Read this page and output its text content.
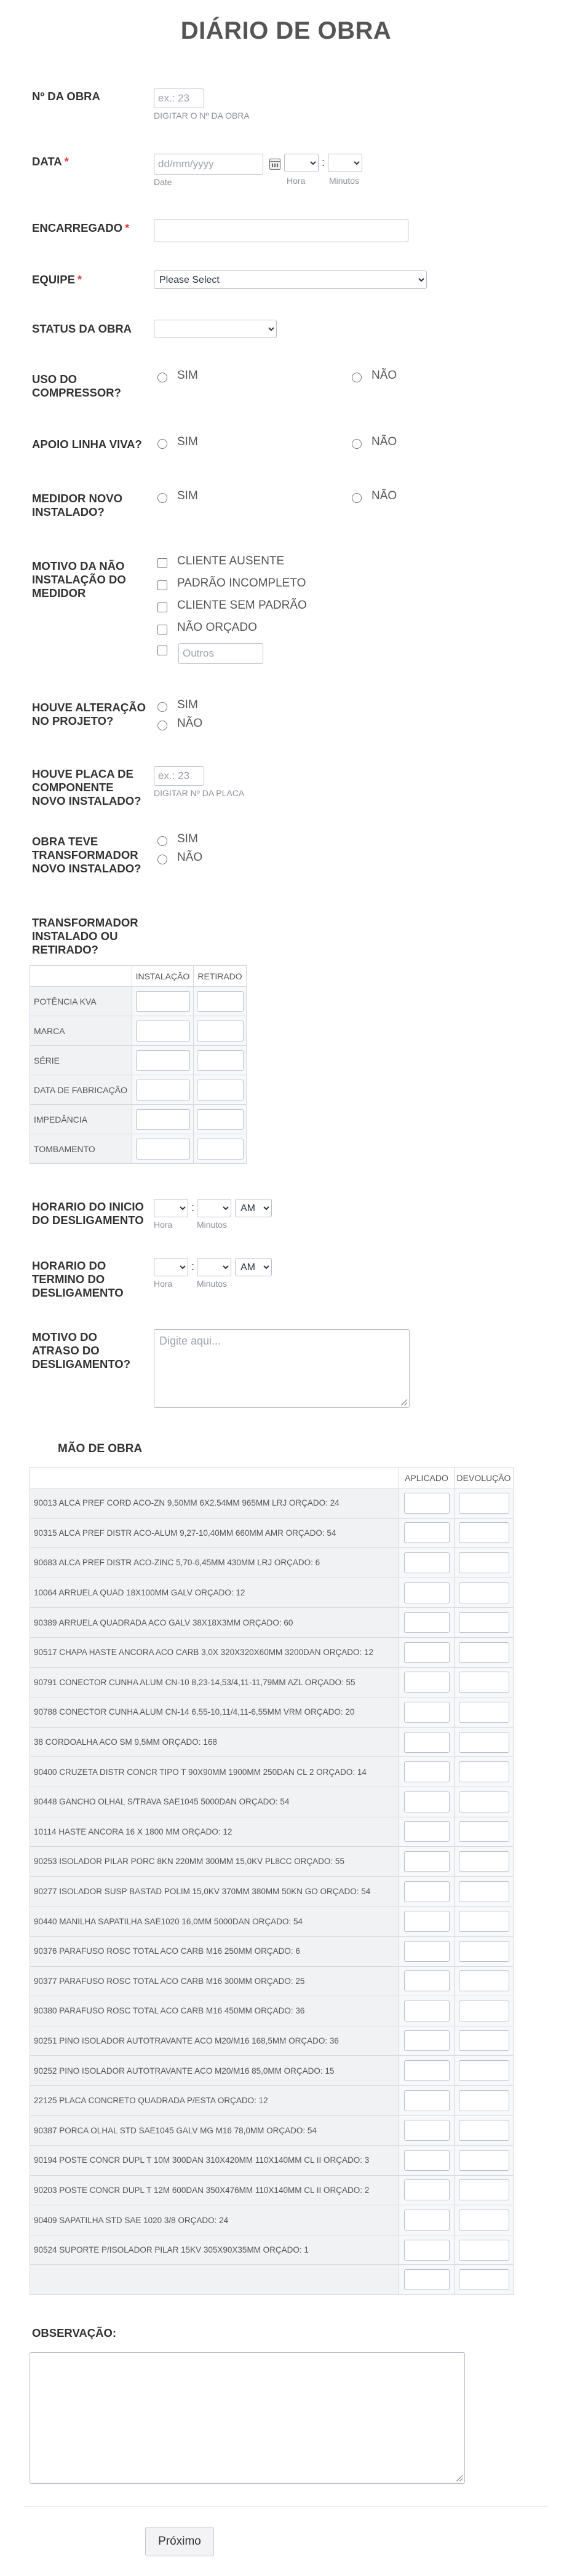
DIÁRIO DE OBRA
Nº DA OBRA
ex.: 23
DIGITAR O Nº DA OBRA
DATA *
dd/mm/yyyy
Date
:
Hora	Minutos
ENCARREGADO *
EQUIPE *
Please Select
STATUS DA OBRA
USO DO COMPRESSOR?
SIM	NÃO
APOIO LINHA VIVA?	SIM	NÃO
MEDIDOR NOVO INSTALADO?
SIM	NÃO
MOTIVO DA NÃO INSTALAÇÃO DO MEDIDOR
CLIENTE AUSENTE
PADRÃO INCOMPLETO
CLIENTE SEM PADRÃO
NÃO ORÇADO
Outros
HOUVE ALTERAÇÃO NO PROJETO?
SIM
NÃO
HOUVE PLACA DE COMPONENTE NOVO INSTALADO?
ex.: 23
DIGITAR Nº DA PLACA
OBRA TEVE TRANSFORMADOR NOVO INSTALADO?
SIM
NÃO
TRANSFORMADOR INSTALADO OU RETIRADO?
	INSTALAÇÃO	RETIRADO
POTÊNCIA KVA		
MARCA		
SÉRIE		
DATA DE FABRICAÇÃO		
IMPEDÂNCIA		
TOMBAMENTO		
HORARIO DO INICIO DO DESLIGAMENTO
:
AM
Hora	Minutos
HORARIO DO TERMINO DO DESLIGAMENTO
:
AM
Hora	Minutos
MOTIVO DO ATRASO DO DESLIGAMENTO?
Digite aqui...
MÃO DE OBRA
	APLICADO	DEVOLUÇÃO
90013 ALCA PREF CORD ACO-ZN 9,50MM 6X2.54MM 965MM LRJ ORÇADO: 24		
90315 ALCA PREF DISTR ACO-ALUM 9,27-10,40MM 660MM AMR ORÇADO: 54		
90683 ALCA PREF DISTR ACO-ZINC 5,70-6,45MM 430MM LRJ ORÇADO: 6		
10064 ARRUELA QUAD 18X100MM GALV ORÇADO: 12		
90389 ARRUELA QUADRADA ACO GALV 38X18X3MM ORÇADO: 60		
90517 CHAPA HASTE ANCORA ACO CARB 3,0X 320X320X60MM 3200DAN ORÇADO: 12		
90791 CONECTOR CUNHA ALUM CN-10 8,23-14,53/4,11-11,79MM AZL ORÇADO: 55		
90788 CONECTOR CUNHA ALUM CN-14 6,55-10,11/4,11-6,55MM VRM ORÇADO: 20		
38 CORDOALHA ACO SM 9,5MM ORÇADO: 168		
90400 CRUZETA DISTR CONCR TIPO T 90X90MM 1900MM 250DAN CL 2 ORÇADO: 14		
90448 GANCHO OLHAL S/TRAVA SAE1045 5000DAN ORÇADO: 54		
10114 HASTE ANCORA 16 X 1800 MM ORÇADO: 12		
90253 ISOLADOR PILAR PORC 8KN 220MM 300MM 15,0KV PL8CC ORÇADO: 55		
90277 ISOLADOR SUSP BASTAD POLIM 15,0KV 370MM 380MM 50KN GO ORÇADO: 54		
90440 MANILHA SAPATILHA SAE1020 16,0MM 5000DAN ORÇADO: 54		
90376 PARAFUSO ROSC TOTAL ACO CARB M16 250MM ORÇADO: 6		
90377 PARAFUSO ROSC TOTAL ACO CARB M16 300MM ORÇADO: 25		
90380 PARAFUSO ROSC TOTAL ACO CARB M16 450MM ORÇADO: 36		
90251 PINO ISOLADOR AUTOTRAVANTE ACO M20/M16 168,5MM ORÇADO: 36		
90252 PINO ISOLADOR AUTOTRAVANTE ACO M20/M16 85,0MM ORÇADO: 15		
22125 PLACA CONCRETO QUADRADA P/ESTA ORÇADO: 12		
90387 PORCA OLHAL STD SAE1045 GALV MG M16 78,0MM ORÇADO: 54		
90194 POSTE CONCR DUPL T 10M 300DAN 310X420MM 110X140MM CL II ORÇADO: 3		
90203 POSTE CONCR DUPL T 12M 600DAN 350X476MM 110X140MM CL II ORÇADO: 2		
90409 SAPATILHA STD SAE 1020 3/8 ORÇADO: 24		
90524 SUPORTE P/ISOLADOR PILAR 15KV 305X90X35MM ORÇADO: 1		

OBSERVAÇÃO:
Próximo
